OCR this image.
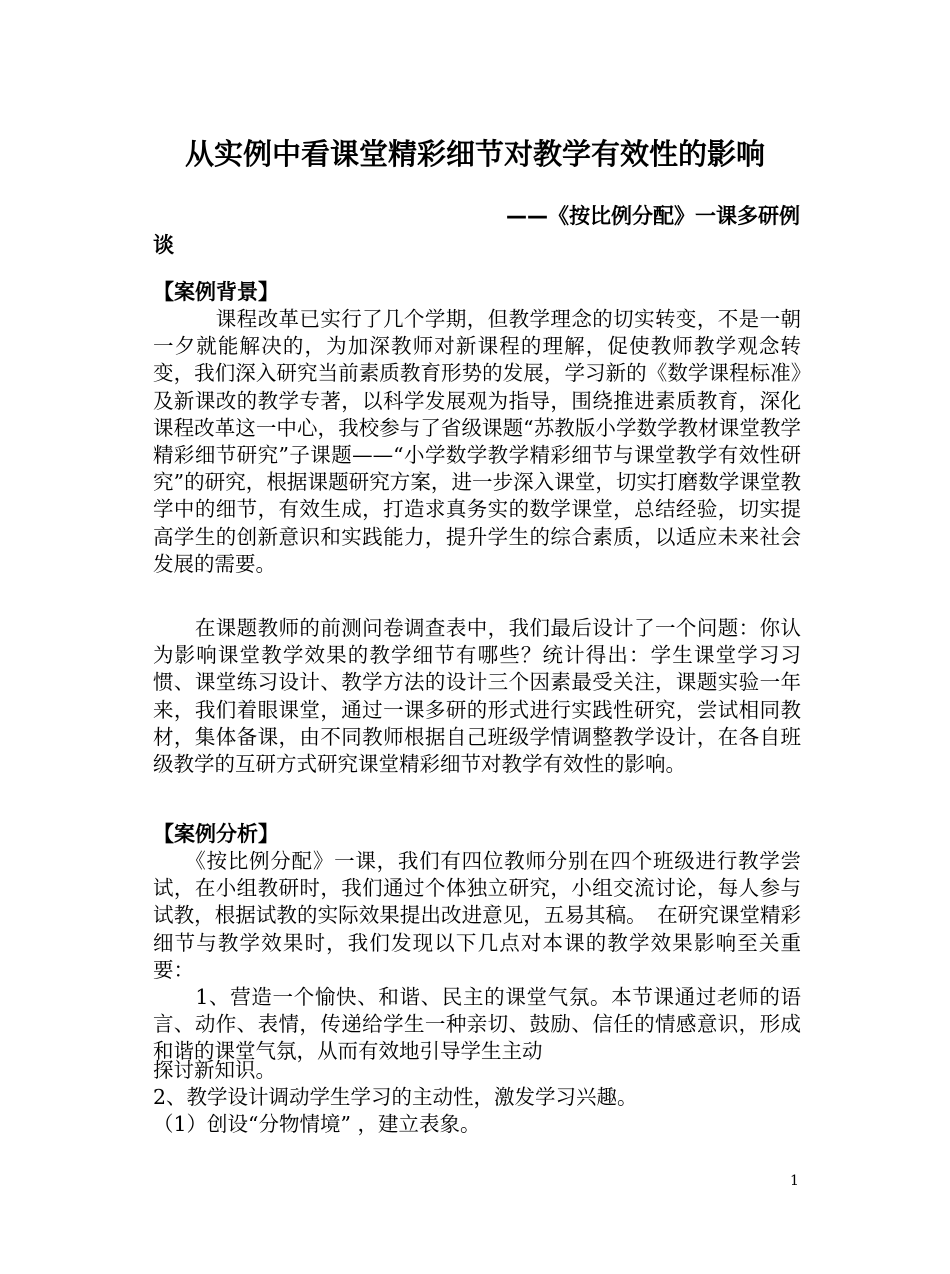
从实例中看课堂精彩细节对教学有效性的影响
——《按比例分配》一课多研例
谈
【案例背景】

　　　课程改革已实行了几个学期，但教学理念的切实转变，不是一朝一夕就能解决的，为加深教师对新课程的理解，促使教师教学观念转变，我们深入研究当前素质教育形势的发展，学习新的《数学课程标准》及新课改的教学专著，以科学发展观为指导，围绕推进素质教育，深化课程改革这一中心，我校参与了省级课题“苏教版小学数学教材课堂教学精彩细节研究”子课题——“小学数学教学精彩细节与课堂教学有效性研究”的研究，根据课题研究方案，进一步深入课堂，切实打磨数学课堂教学中的细节，有效生成，打造求真务实的数学课堂，总结经验，切实提高学生的创新意识和实践能力，提升学生的综合素质，以适应未来社会发展的需要。

　　在课题教师的前测问卷调查表中，我们最后设计了一个问题：你认为影响课堂教学效果的教学细节有哪些？统计得出：学生课堂学习习惯、课堂练习设计、教学方法的设计三个因素最受关注，课题实验一年来，我们着眼课堂，通过一课多研的形式进行实践性研究，尝试相同教材，集体备课，由不同教师根据自己班级学情调整教学设计，在各自班级教学的互研方式研究课堂精彩细节对教学有效性的影响。

【案例分析】

　　《按比例分配》一课，我们有四位教师分别在四个班级进行教学尝试，在小组教研时，我们通过个体独立研究，小组交流讨论，每人参与试教，根据试教的实际效果提出改进意见，五易其稿。　在研究课堂精彩细节与教学效果时，我们发现以下几点对本课的教学效果影响至关重要：

　　1、营造一个愉快、和谐、民主的课堂气氛。本节课通过老师的语言、动作、表情，传递给学生一种亲切、鼓励、信任的情感意识，形成和谐的课堂气氛，从而有效地引导学生主动

探讨新知识。
2、教学设计调动学生学习的主动性，激发学习兴趣。
（1）创设“分物情境” ，建立表象。
1
